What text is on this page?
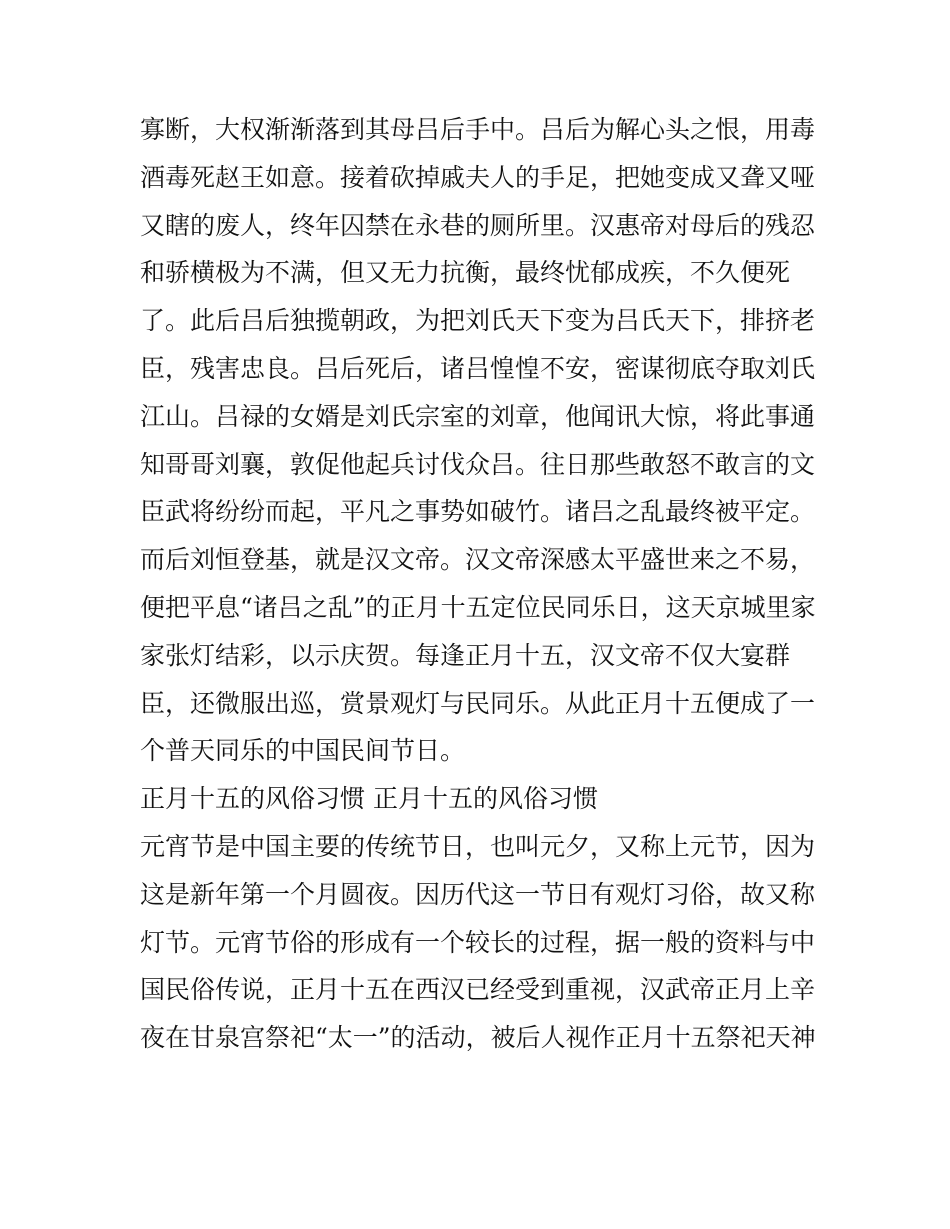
寡断，大权渐渐落到其母吕后手中。吕后为解心头之恨，用毒
酒毒死赵王如意。接着砍掉戚夫人的手足，把她变成又聋又哑
又瞎的废人，终年囚禁在永巷的厕所里。汉惠帝对母后的残忍
和骄横极为不满，但又无力抗衡，最终忧郁成疾，不久便死
了。此后吕后独揽朝政，为把刘氏天下变为吕氏天下，排挤老
臣，残害忠良。吕后死后，诸吕惶惶不安，密谋彻底夺取刘氏
江山。吕禄的女婿是刘氏宗室的刘章，他闻讯大惊，将此事通
知哥哥刘襄，敦促他起兵讨伐众吕。往日那些敢怒不敢言的文
臣武将纷纷而起，平凡之事势如破竹。诸吕之乱最终被平定。
而后刘恒登基，就是汉文帝。汉文帝深感太平盛世来之不易，
便把平息“诸吕之乱”的正月十五定位民同乐日，这天京城里家
家张灯结彩，以示庆贺。每逢正月十五，汉文帝不仅大宴群
臣，还微服出巡，赏景观灯与民同乐。从此正月十五便成了一
个普天同乐的中国民间节日。
正月十五的风俗习惯 正月十五的风俗习惯
元宵节是中国主要的传统节日，也叫元夕，又称上元节，因为
这是新年第一个月圆夜。因历代这一节日有观灯习俗，故又称
灯节。元宵节俗的形成有一个较长的过程，据一般的资料与中
国民俗传说，正月十五在西汉已经受到重视，汉武帝正月上辛
夜在甘泉宫祭祀“太一”的活动，被后人视作正月十五祭祀天神
